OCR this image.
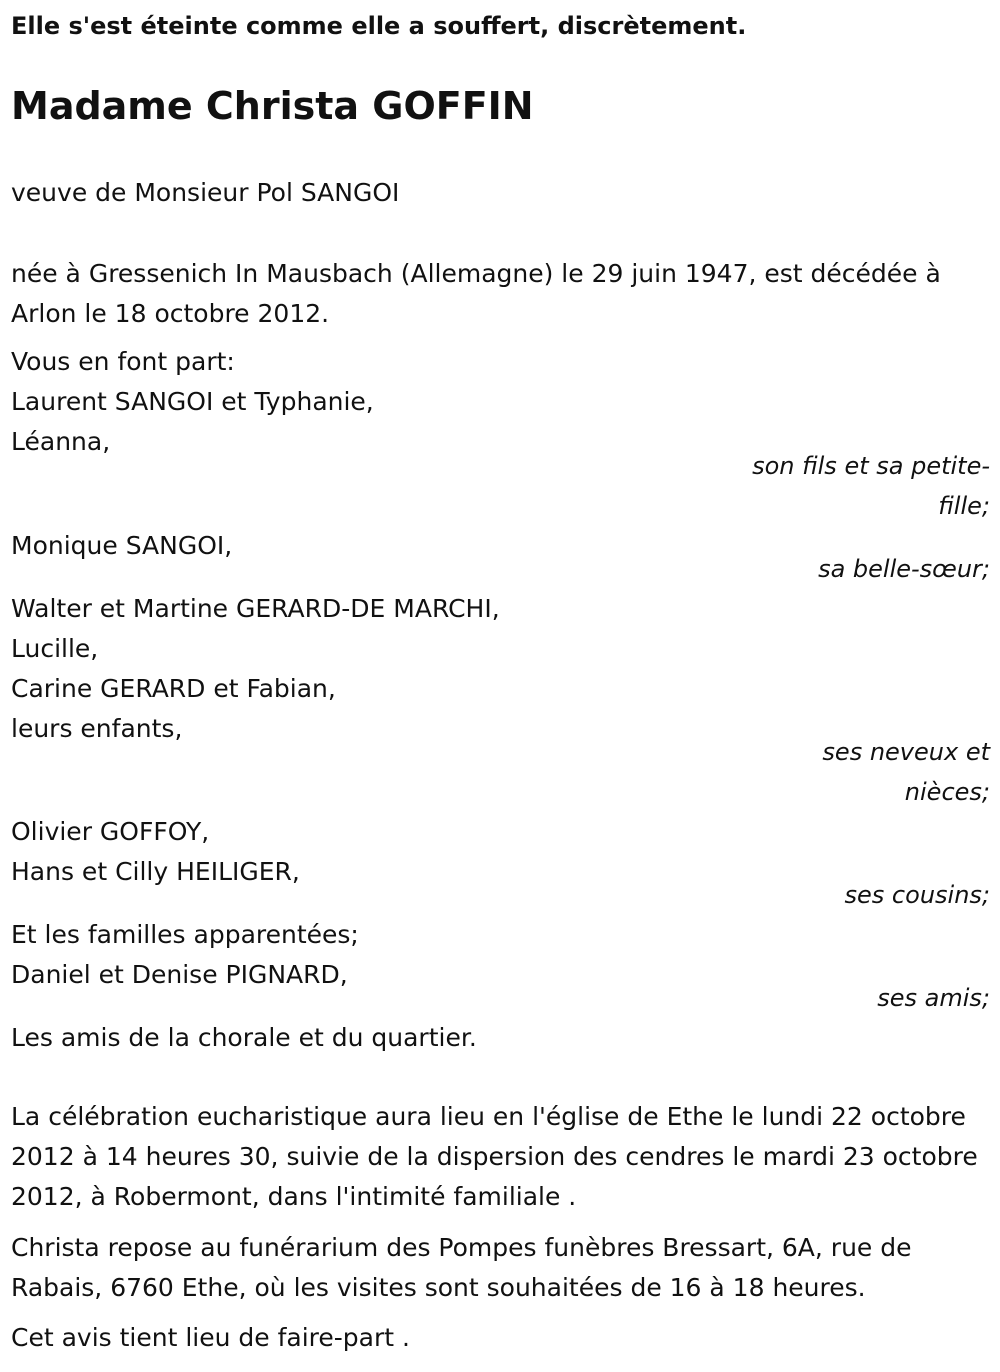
Elle s'est éteinte comme elle a souffert, discrètement.
Madame Christa GOFFIN
veuve de Monsieur Pol SANGOI
née à Gressenich In Mausbach (Allemagne) le 29 juin 1947, est décédée à Arlon le 18 octobre 2012.
Vous en font part:
Laurent SANGOI et Typhanie,
Léanna,
son fils et sa petite-fille;
Monique SANGOI,
sa belle-sœur;
Walter et Martine GERARD-DE MARCHI,
Lucille,
Carine GERARD et Fabian,
leurs enfants,
ses neveux et nièces;
Olivier GOFFOY,
Hans et Cilly HEILIGER,
ses cousins;
Et les familles apparentées;
Daniel et Denise PIGNARD,
ses amis;
Les amis de la chorale et du quartier.
La célébration eucharistique aura lieu en l'église de Ethe le lundi 22 octobre 2012 à 14 heures 30, suivie de la dispersion des cendres le mardi 23 octobre 2012, à Robermont, dans l'intimité familiale .
Christa repose au funérarium des Pompes funèbres Bressart, 6A, rue de Rabais, 6760 Ethe, où les visites sont souhaitées de 16 à 18 heures.
Cet avis tient lieu de faire-part .
